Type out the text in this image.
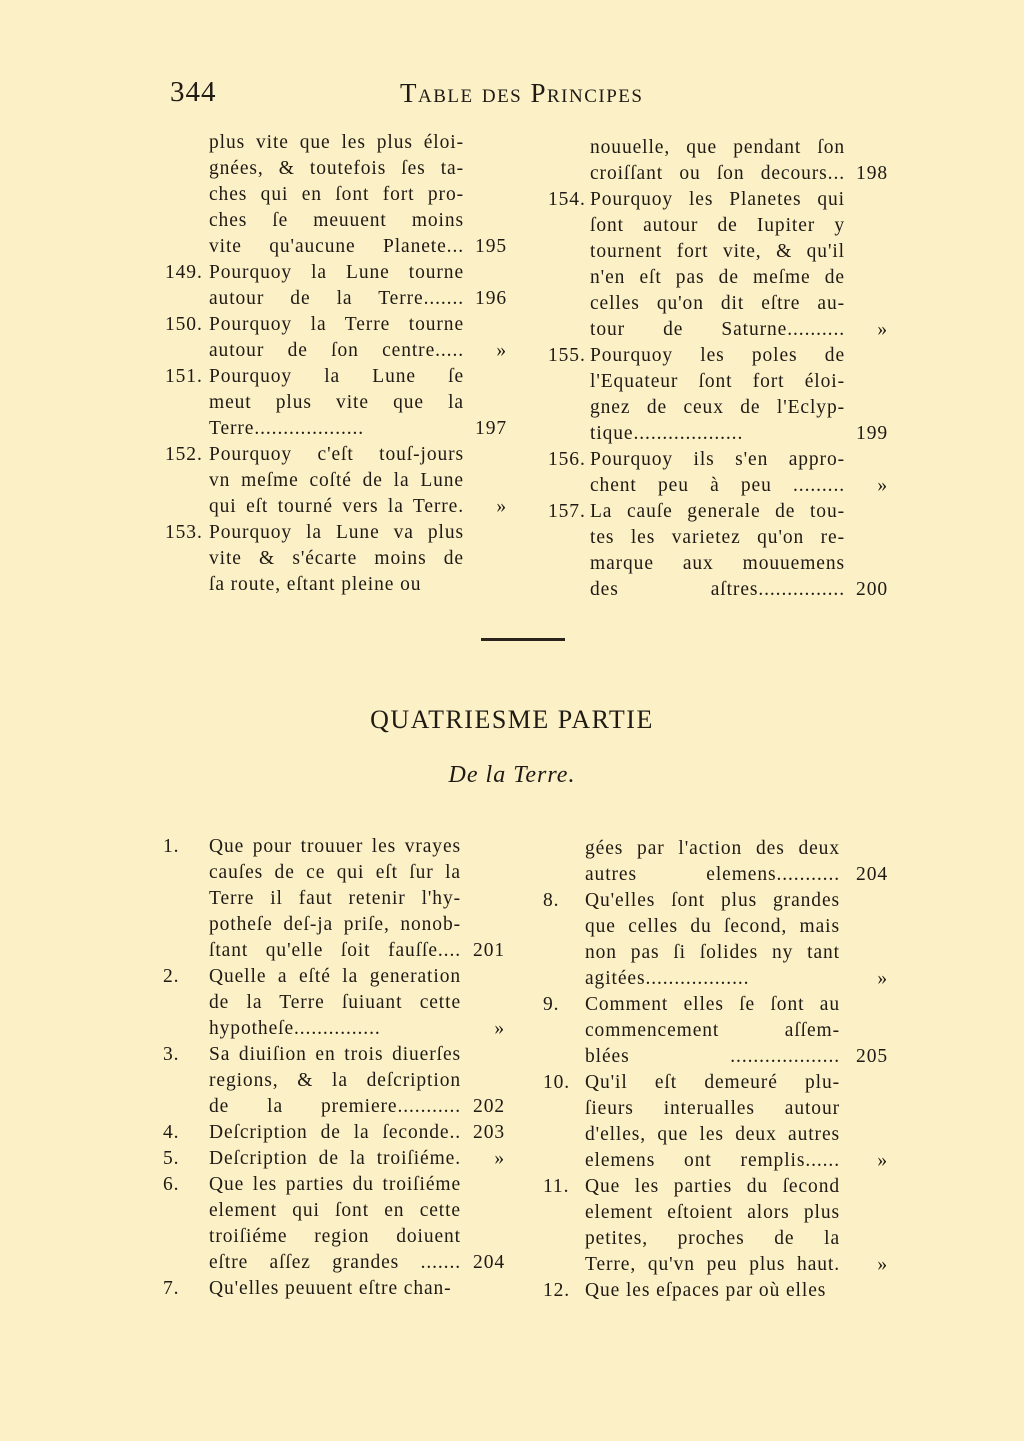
344	Table des Principes
plus vite que les plus éloi-
gnées, & toutefois ſes ta-
ches qui en ſont fort pro-
ches ſe meuuent moins
vite qu'aucune Planete... 195
149. Pourquoy la Lune tourne
autour de la Terre....... 196
150. Pourquoy la Terre tourne
autour de ſon centre.....	»
151. Pourquoy la Lune ſe
meut plus vite que la
Terre...................	197
152. Pourquoy c'eſt touſ-jours
vn meſme coſté de la Lune
qui eſt tourné vers la Terre.	»
153. Pourquoy la Lune va plus
vite & s'écarte moins de
ſa route, eſtant pleine ou
nouuelle, que pendant ſon
croiſſant ou ſon decours... 198
154. Pourquoy les Planetes qui
ſont autour de Iupiter y
tournent fort vite, & qu'il
n'en eſt pas de meſme de
celles qu'on dit eſtre au-
tour de Saturne..........	»
155. Pourquoy les poles de
l'Equateur ſont fort éloi-
gnez de ceux de l'Eclyp-
tique...................	199
156. Pourquoy ils s'en appro-
chent peu à peu .........	»
157. La cauſe generale de tou-
tes les varietez qu'on re-
marque aux mouuemens
des aſtres............... 200
QUATRIESME PARTIE
De la Terre.
1. Que pour trouuer les vrayes
cauſes de ce qui eſt ſur la
Terre il faut retenir l'hy-
potheſe deſ-ja priſe, nonob-
ſtant qu'elle ſoit fauſſe.... 201
2. Quelle a eſté la generation
de la Terre ſuiuant cette
hypotheſe...............	»
3. Sa diuiſion en trois diuerſes
regions, & la deſcription
de la premiere........... 202
4. Deſcription de la ſeconde.. 203
5. Deſcription de la troiſiéme.	»
6. Que les parties du troiſiéme
element qui ſont en cette
troiſiéme region doiuent
eſtre aſſez grandes ....... 204
7. Qu'elles peuuent eſtre chan-
gées par l'action des deux
autres elemens........... 204
8. Qu'elles ſont plus grandes
que celles du ſecond, mais
non pas ſi ſolides ny tant
agitées..................	»
9. Comment elles ſe ſont au
commencement aſſem-
blées ................... 205
10. Qu'il eſt demeuré plu-
ſieurs interualles autour
d'elles, que les deux autres
elemens ont remplis......	»
11. Que les parties du ſecond
element eſtoient alors plus
petites, proches de la
Terre, qu'vn peu plus haut.	»
12. Que les eſpaces par où elles
